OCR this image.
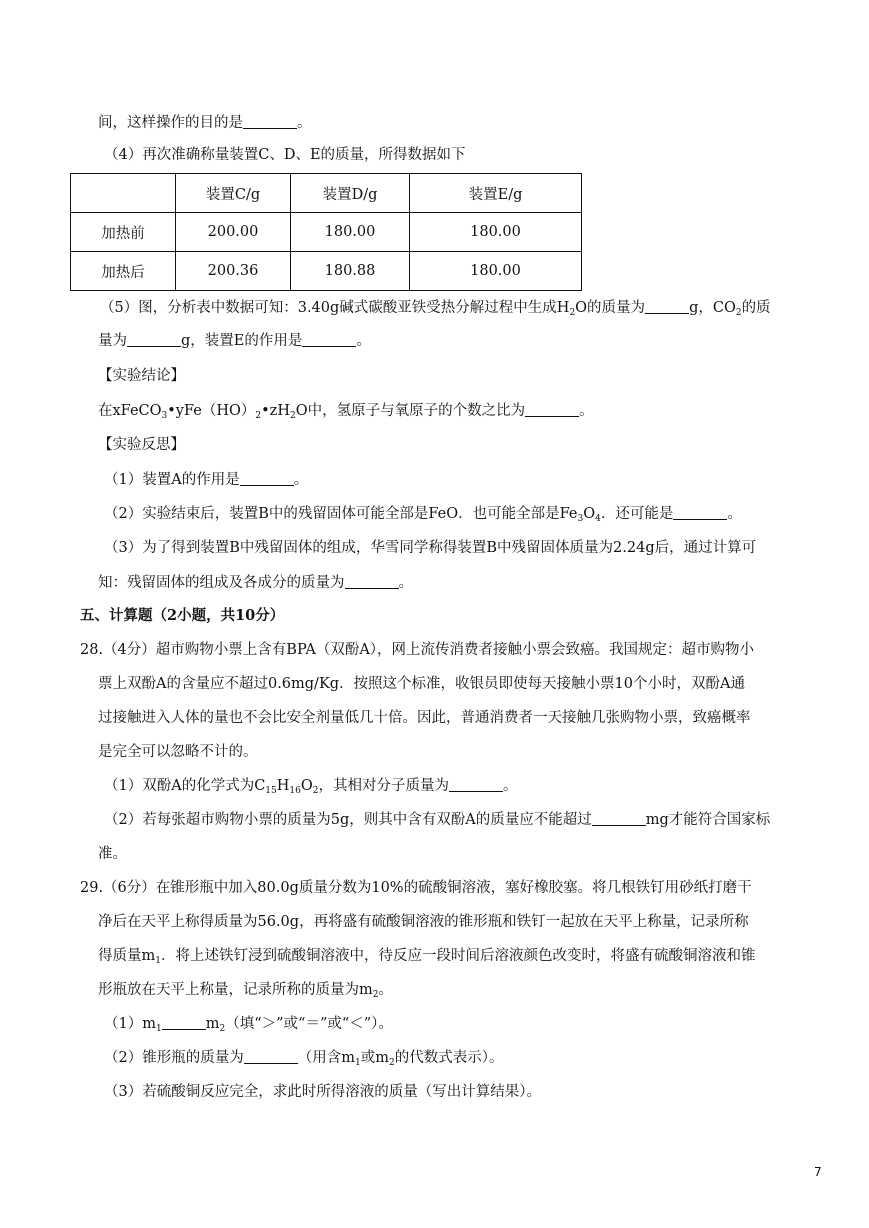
间，这样操作的目的是	。
（4）再次准确称量装置C、D、E的质量，所得数据如下
	装置C/g	装置D/g	装置E/g
加热前	200.00	180.00	180.00
加热后	200.36	180.88	180.00
（5）图，分析表中数据可知：3.40g碱式碳酸亚铁受热分解过程中生成$H_2O$的质量为	g，$CO_2$的质
量为	g，装置E的作用是	。
【实验结论】
在$xFeCO_3•yFe(HO)_2•zH_2O$中，氢原子与氧原子的个数之比为	。
【实验反思】
（1）装置A的作用是	。
（2）实验结束后，装置B中的残留固体可能全部是FeO．也可能全部是$Fe_3O_4$．还可能是	。
（3）为了得到装置B中残留固体的组成，华雪同学称得装置B中残留固体质量为2.24g后，通过计算可
知：残留固体的组成及各成分的质量为	。
五、计算题（2小题，共10分）
28.（4分）超市购物小票上含有BPA（双酚A），网上流传消费者接触小票会致癌。我国规定：超市购物小
票上双酚A的含量应不超过0.6mg/Kg．按照这个标准，收银员即使每天接触小票10个小时，双酚A通
过接触进入人体的量也不会比安全剂量低几十倍。因此，普通消费者一天接触几张购物小票，致癌概率
是完全可以忽略不计的。
（1）双酚A的化学式为$C_{15}H_{16}O_2$，其相对分子质量为	。
（2）若每张超市购物小票的质量为5g，则其中含有双酚A的质量应不能超过	mg才能符合国家标
准。
29.（6分）在锥形瓶中加入80.0g质量分数为10%的硫酸铜溶液，塞好橡胶塞。将几根铁钉用砂纸打磨干
净后在天平上称得质量为56.0g，再将盛有硫酸铜溶液的锥形瓶和铁钉一起放在天平上称量，记录所称
得质量$m_1$．将上述铁钉浸到硫酸铜溶液中，待反应一段时间后溶液颜色改变时，将盛有硫酸铜溶液和锥
形瓶放在天平上称量，记录所称的质量为$m_2$。
$(1)m_1$	$m_2$（填“＞”或“＝”或“＜”）。
（2）锥形瓶的质量为	（用含$m_1$或$m_2$的代数式表示）。
（3）若硫酸铜反应完全，求此时所得溶液的质量（写出计算结果）。
7
